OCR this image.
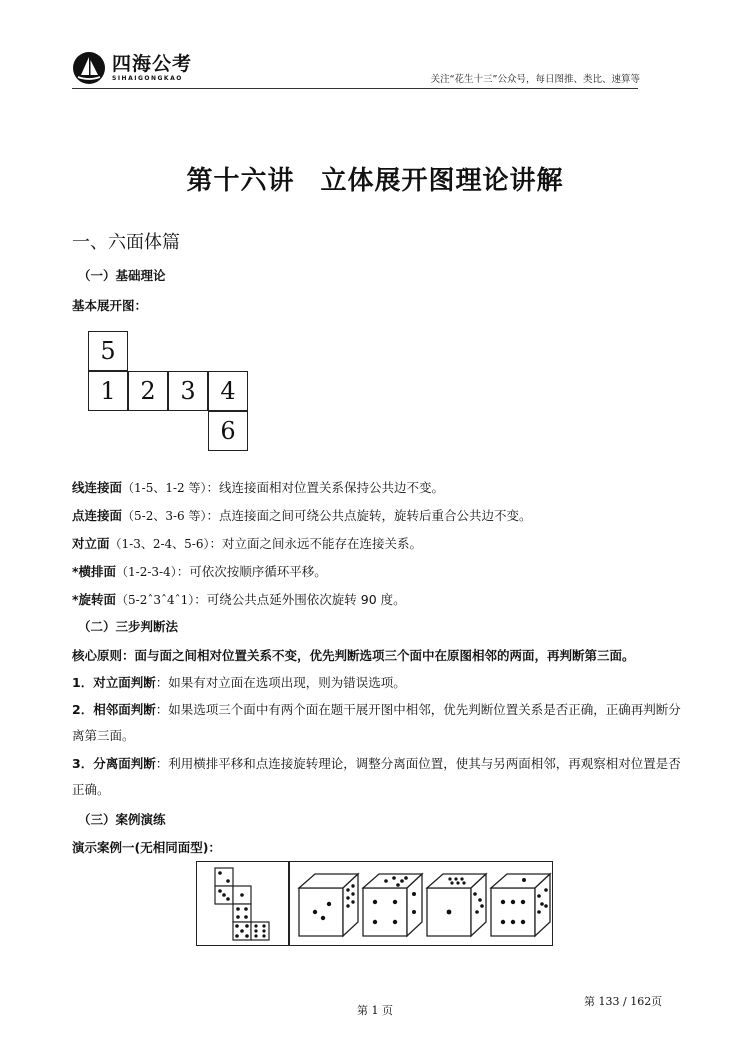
四海公考
SIHAIGONGKAO	关注“花生十三”公众号，每日图推、类比、速算等
第十六讲 立体展开图理论讲解
一、六面体篇
（一）基础理论
基本展开图：
5
1	2	3	4
6
线连接面（1-5、1-2 等）：线连接面相对位置关系保持公共边不变。
点连接面（5-2、3-6 等）：点连接面之间可绕公共点旋转，旋转后重合公共边不变。
对立面（1-3、2-4、5-6）：对立面之间永远不能存在连接关系。
*横排面（1-2-3-4）：可依次按顺序循环平移。
*旋转面（5-2ˆ3ˆ4ˆ1）：可绕公共点延外围依次旋转 90 度。
（二）三步判断法
核心原则：面与面之间相对位置关系不变，优先判断选项三个面中在原图相邻的两面，再判断第三面。
1．对立面判断：如果有对立面在选项出现，则为错误选项。
2．相邻面判断：如果选项三个面中有两个面在题干展开图中相邻，优先判断位置关系是否正确，正确再判断分离第三面。
3．分离面判断：利用横排平移和点连接旋转理论，调整分离面位置，使其与另两面相邻，再观察相对位置是否正确。
（三）案例演练
演示案例一(无相同面型)：
第 133 / 162页
第 1 页
